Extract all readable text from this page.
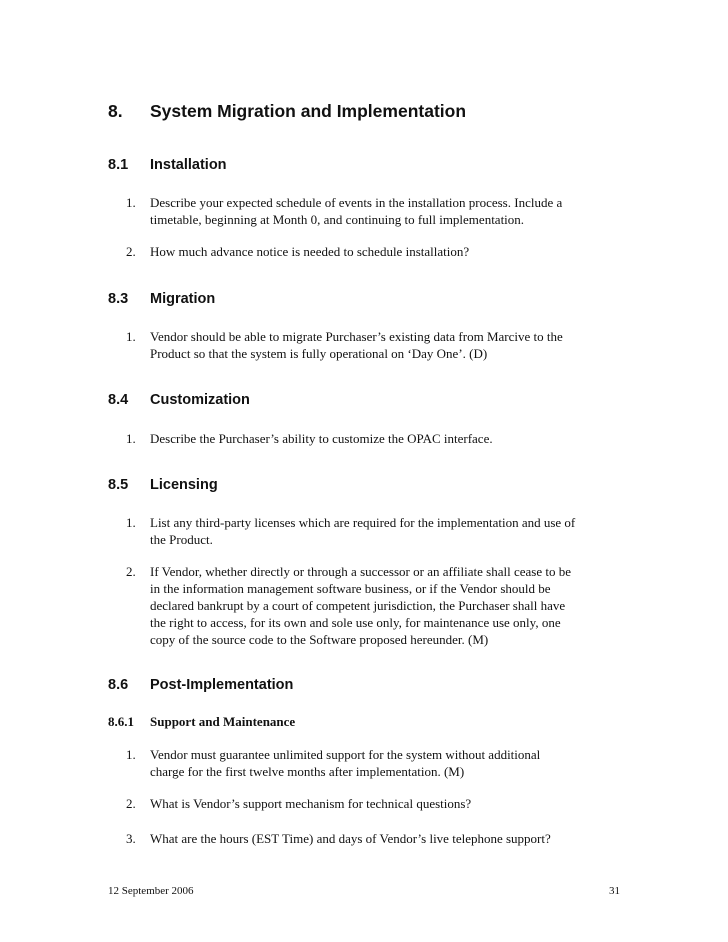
8. System Migration and Implementation
8.1 Installation
1. Describe your expected schedule of events in the installation process. Include a
timetable, beginning at Month 0, and continuing to full implementation.
2. How much advance notice is needed to schedule installation?
8.3 Migration
1. Vendor should be able to migrate Purchaser’s existing data from Marcive to the
Product so that the system is fully operational on ‘Day One’. (D)
8.4 Customization
1. Describe the Purchaser’s ability to customize the OPAC interface.
8.5 Licensing
1. List any third-party licenses which are required for the implementation and use of
the Product.
2. If Vendor, whether directly or through a successor or an affiliate shall cease to be
in the information management software business, or if the Vendor should be
declared bankrupt by a court of competent jurisdiction, the Purchaser shall have
the right to access, for its own and sole use only, for maintenance use only, one
copy of the source code to the Software proposed hereunder. (M)
8.6 Post-Implementation
8.6.1 Support and Maintenance
1. Vendor must guarantee unlimited support for the system without additional
charge for the first twelve months after implementation. (M)
2. What is Vendor’s support mechanism for technical questions?
3. What are the hours (EST Time) and days of Vendor’s live telephone support?
12 September 2006	31
